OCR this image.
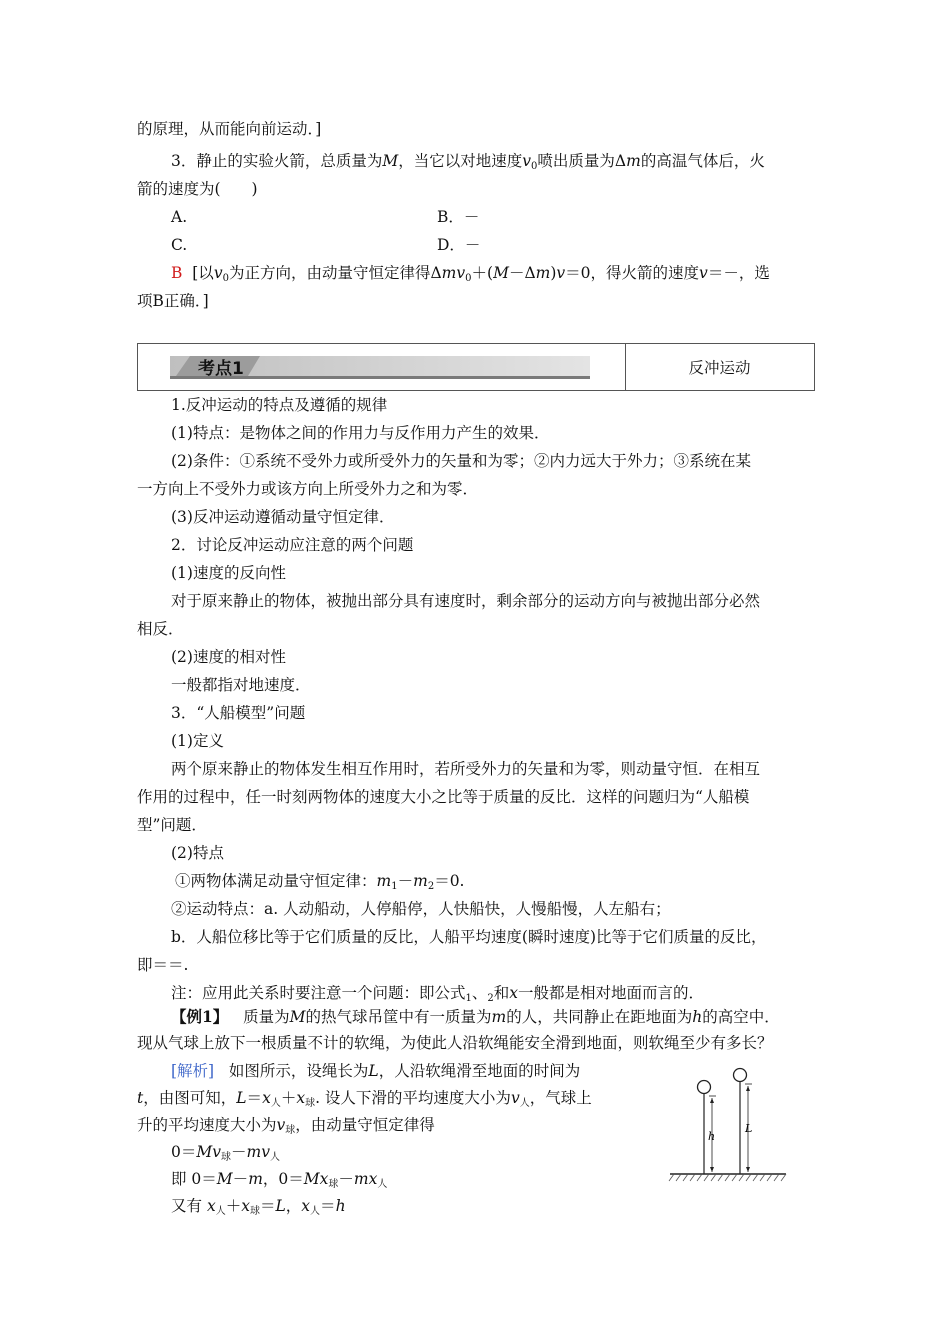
的原理，从而能向前运动．]
3．静止的实验火箭，总质量为M，当它以对地速度$v_0$喷出质量为Δm的高温气体后，火
箭的速度为(　　)
A.	B．－
C.	D．－
B [以$v_0$为正方向，由动量守恒定律得Δmv$_0$＋(M－Δm)v＝0，得火箭的速度v＝－，选
项B正确．]
考点1	反冲运动
1.反冲运动的特点及遵循的规律
(1)特点：是物体之间的作用力与反作用力产生的效果．
(2)条件：①系统不受外力或所受外力的矢量和为零；②内力远大于外力；③系统在某
一方向上不受外力或该方向上所受外力之和为零．
(3)反冲运动遵循动量守恒定律．
2．讨论反冲运动应注意的两个问题
(1)速度的反向性
对于原来静止的物体，被抛出部分具有速度时，剩余部分的运动方向与被抛出部分必然
相反．
(2)速度的相对性
一般都指对地速度．
3．“人船模型”问题
(1)定义
两个原来静止的物体发生相互作用时，若所受外力的矢量和为零，则动量守恒．在相互
作用的过程中，任一时刻两物体的速度大小之比等于质量的反比．这样的问题归为“人船模
型”问题．
(2)特点
①两物体满足动量守恒定律：$m_1-m_2=0$.
②运动特点：a. 人动船动，人停船停，人快船快，人慢船慢，人左船右；
b．人船位移比等于它们质量的反比，人船平均速度(瞬时速度)比等于它们质量的反比，
即＝＝.
注：应用此关系时要注意一个问题：即公式$_1$、$_2$和x一般都是相对地面而言的．
【例1】 质量为M的热气球吊筐中有一质量为m的人，共同静止在距地面为h的高空中．
现从气球上放下一根质量不计的软绳，为使此人沿软绳能安全滑到地面，则软绳至少有多长？
[解析] 如图所示，设绳长为L，人沿软绳滑至地面的时间为
t，由图可知，$L=x_人+x_球$. 设人下滑的平均速度大小为$v_人$，气球上
升的平均速度大小为$v_球$，由动量守恒定律得
$0=Mv_球-mv_人$
即 0＝M－m，$0=Mx_球-mx_人$
又有 $x_人+x_球=L$，$x_人=h$
h
L
